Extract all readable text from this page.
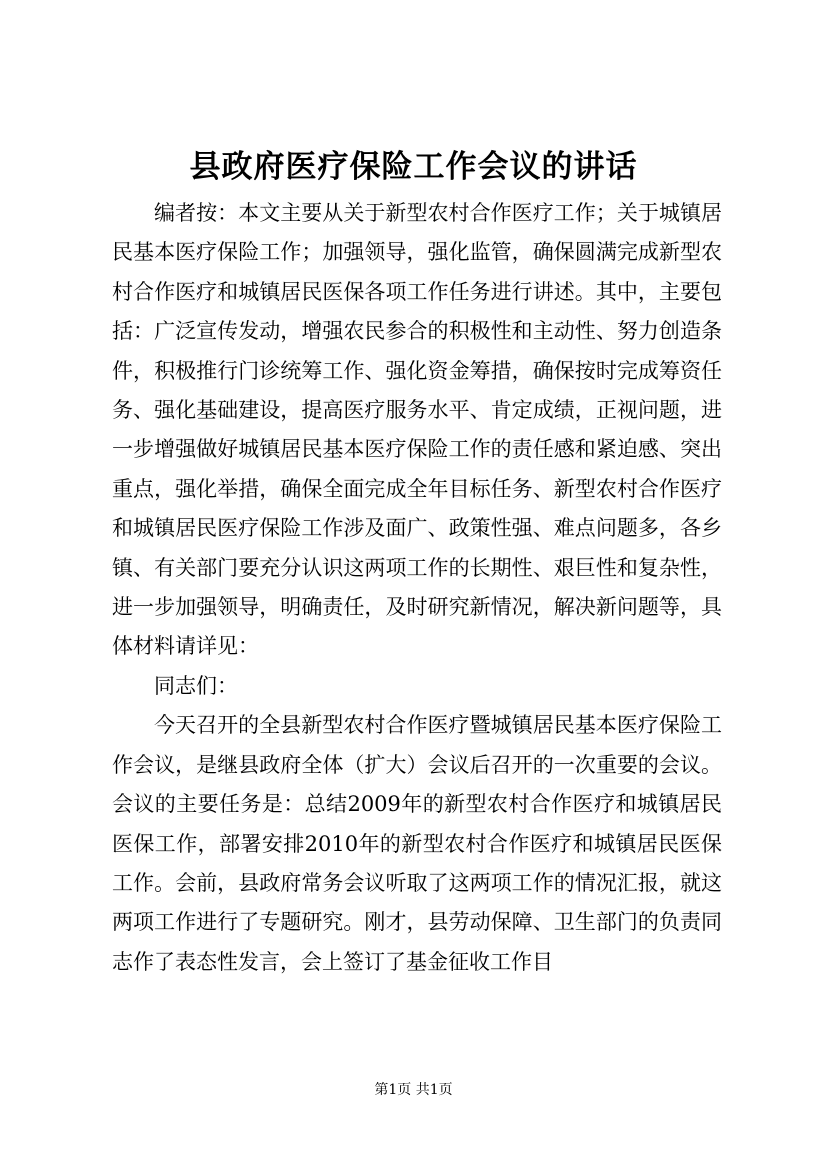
县政府医疗保险工作会议的讲话

编者按：本文主要从关于新型农村合作医疗工作；关于城镇居民基本医疗保险工作；加强领导，强化监管，确保圆满完成新型农村合作医疗和城镇居民医保各项工作任务进行讲述。其中，主要包括：广泛宣传发动，增强农民参合的积极性和主动性、努力创造条件，积极推行门诊统筹工作、强化资金筹措，确保按时完成筹资任务、强化基础建设，提高医疗服务水平、肯定成绩，正视问题，进一步增强做好城镇居民基本医疗保险工作的责任感和紧迫感、突出重点，强化举措，确保全面完成全年目标任务、新型农村合作医疗和城镇居民医疗保险工作涉及面广、政策性强、难点问题多，各乡镇、有关部门要充分认识这两项工作的长期性、艰巨性和复杂性，进一步加强领导，明确责任，及时研究新情况，解决新问题等，具体材料请详见：

同志们：

今天召开的全县新型农村合作医疗暨城镇居民基本医疗保险工作会议，是继县政府全体（扩大）会议后召开的一次重要的会议。会议的主要任务是：总结2009年的新型农村合作医疗和城镇居民医保工作，部署安排2010年的新型农村合作医疗和城镇居民医保工作。会前，县政府常务会议听取了这两项工作的情况汇报，就这两项工作进行了专题研究。刚才，县劳动保障、卫生部门的负责同志作了表态性发言，会上签订了基金征收工作目

第1页 共1页
